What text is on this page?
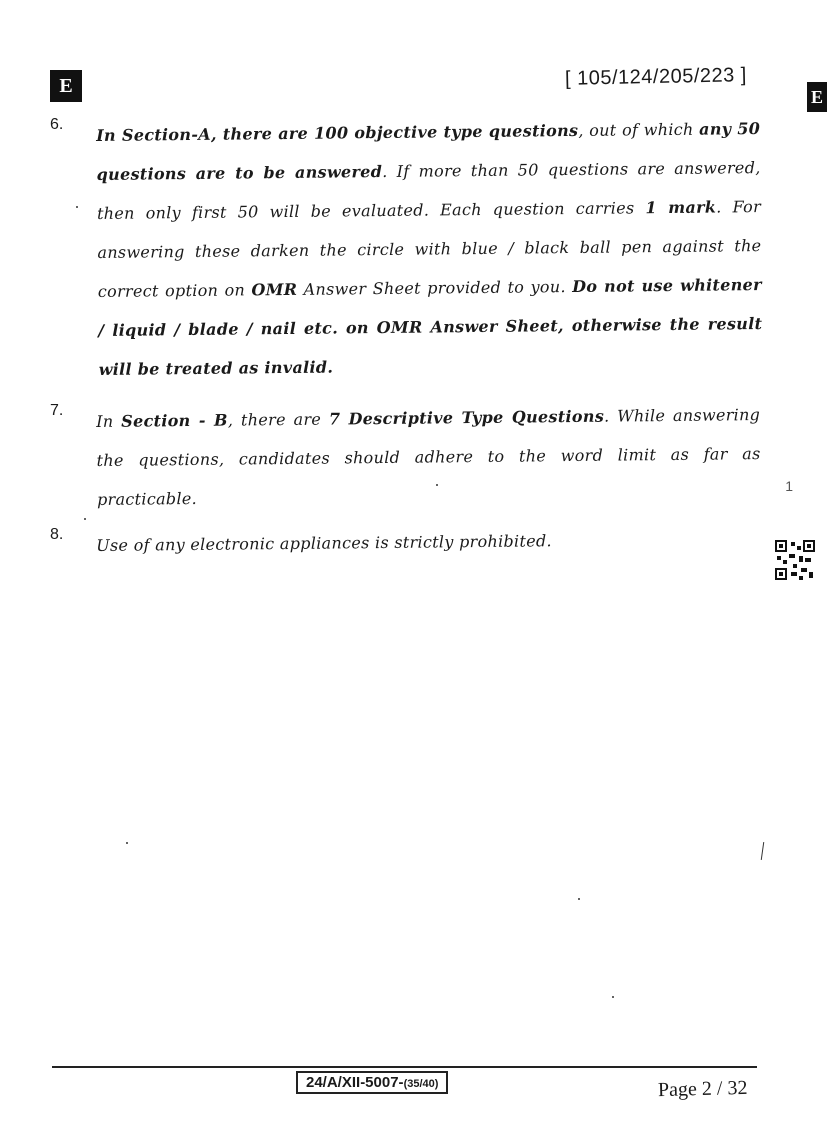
E	E
[ 105/124/205/223 ]
6. In Section-A, there are 100 objective type questions, out of which any 50 questions are to be answered. If more than 50 questions are answered, then only first 50 will be evaluated. Each question carries 1 mark. For answering these darken the circle with blue / black ball pen against the correct option on OMR Answer Sheet provided to you. Do not use whitener / liquid / blade / nail etc. on OMR Answer Sheet, otherwise the result will be treated as invalid.
7.
In Section - B, there are 7 Descriptive Type Questions. While answering the questions, candidates should adhere to the word limit as far as practicable.
8. Use of any electronic appliances is strictly prohibited.
1
24/A/XII-5007-(35/40)	Page 2 / 32
